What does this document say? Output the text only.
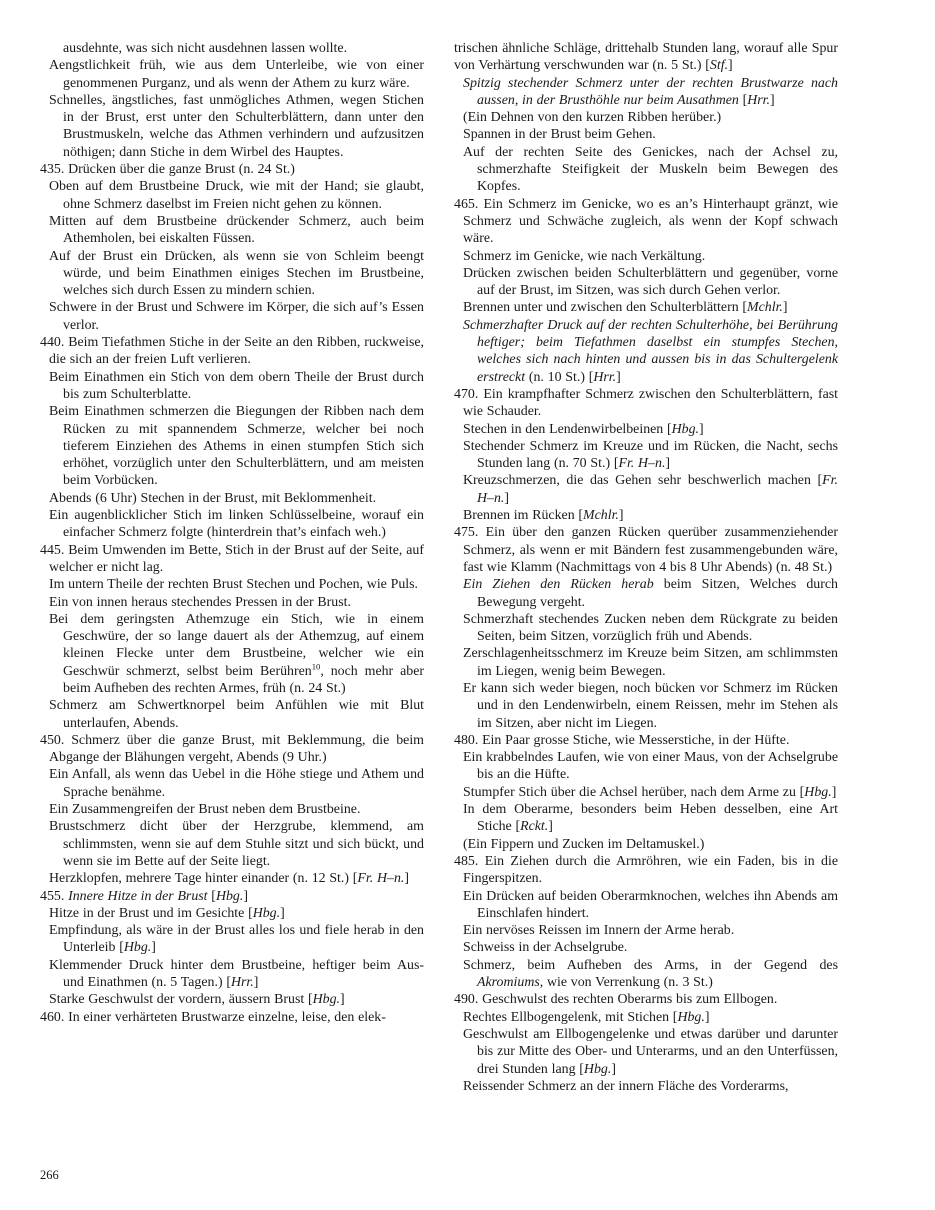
ausdehnte, was sich nicht ausdehnen lassen wollte.

Aengstlichkeit früh, wie aus dem Unterleibe, wie von einer genommenen Purganz, und als wenn der Athem zu kurz wäre.

Schnelles, ängstliches, fast unmögliches Athmen, wegen Stichen in der Brust, erst unter den Schulterblättern, dann unter den Brustmuskeln, welche das Athmen verhindern und aufzusitzen nöthigen; dann Stiche in dem Wirbel des Hauptes.

435. Drücken über die ganze Brust (n. 24 St.)

Oben auf dem Brustbeine Druck, wie mit der Hand; sie glaubt, ohne Schmerz daselbst im Freien nicht gehen zu können.

Mitten auf dem Brustbeine drückender Schmerz, auch beim Athemholen, bei eiskalten Füssen.

Auf der Brust ein Drücken, als wenn sie von Schleim beengt würde, und beim Einathmen einiges Stechen im Brustbeine, welches sich durch Essen zu mindern schien.

Schwere in der Brust und Schwere im Körper, die sich auf’s Essen verlor.

440. Beim Tiefathmen Stiche in der Seite an den Ribben, ruckweise, die sich an der freien Luft verlieren.

Beim Einathmen ein Stich von dem obern Theile der Brust durch bis zum Schulterblatte.

Beim Einathmen schmerzen die Biegungen der Ribben nach dem Rücken zu mit spannendem Schmerze, welcher bei noch tieferem Einziehen des Athems in einen stumpfen Stich sich erhöhet, vorzüglich unter den Schulterblättern, und am meisten beim Vorbücken.

Abends (6 Uhr) Stechen in der Brust, mit Beklommenheit.

Ein augenblicklicher Stich im linken Schlüsselbeine, worauf ein einfacher Schmerz folgte (hinterdrein that’s einfach weh.)

445. Beim Umwenden im Bette, Stich in der Brust auf der Seite, auf welcher er nicht lag.

Im untern Theile der rechten Brust Stechen und Pochen, wie Puls.

Ein von innen heraus stechendes Pressen in der Brust.

Bei dem geringsten Athemzuge ein Stich, wie in einem Geschwüre, der so lange dauert als der Athemzug, auf einem kleinen Flecke unter dem Brustbeine, welcher wie ein Geschwür schmerzt, selbst beim Berühren$^{10}$, noch mehr aber beim Aufheben des rechten Armes, früh (n. 24 St.)

Schmerz am Schwertknorpel beim Anfühlen wie mit Blut unterlaufen, Abends.

450. Schmerz über die ganze Brust, mit Beklemmung, die beim Abgange der Blähungen vergeht, Abends (9 Uhr.)

Ein Anfall, als wenn das Uebel in die Höhe stiege und Athem und Sprache benähme.

Ein Zusammengreifen der Brust neben dem Brustbeine.

Brustschmerz dicht über der Herzgrube, klemmend, am schlimmsten, wenn sie auf dem Stuhle sitzt und sich bückt, und wenn sie im Bette auf der Seite liegt.

Herzklopfen, mehrere Tage hinter einander (n. 12 St.) [Fr. H–n.]

455. Innere Hitze in der Brust [Hbg.]

Hitze in der Brust und im Gesichte [Hbg.]

Empfindung, als wäre in der Brust alles los und fiele herab in den Unterleib [Hbg.]

Klemmender Druck hinter dem Brustbeine, heftiger beim Aus- und Einathmen (n. 5 Tagen.) [Hrr.]

Starke Geschwulst der vordern, äussern Brust [Hbg.]

460. In einer verhärteten Brustwarze einzelne, leise, den elek-

trischen ähnliche Schläge, drittehalb Stunden lang, worauf alle Spur von Verhärtung verschwunden war (n. 5 St.) [Stf.]

Spitzig stechender Schmerz unter der rechten Brustwarze nach aussen, in der Brusthöhle nur beim Ausathmen [Hrr.]

(Ein Dehnen von den kurzen Ribben herüber.)

Spannen in der Brust beim Gehen.

Auf der rechten Seite des Genickes, nach der Achsel zu, schmerzhafte Steifigkeit der Muskeln beim Bewegen des Kopfes.

465. Ein Schmerz im Genicke, wo es an’s Hinterhaupt gränzt, wie Schmerz und Schwäche zugleich, als wenn der Kopf schwach wäre.

Schmerz im Genicke, wie nach Verkältung.

Drücken zwischen beiden Schulterblättern und gegenüber, vorne auf der Brust, im Sitzen, was sich durch Gehen verlor.

Brennen unter und zwischen den Schulterblättern [Mchlr.]

Schmerzhafter Druck auf der rechten Schulterhöhe, bei Berührung heftiger; beim Tiefathmen daselbst ein stumpfes Stechen, welches sich nach hinten und aussen bis in das Schultergelenk erstreckt (n. 10 St.) [Hrr.]

470. Ein krampfhafter Schmerz zwischen den Schulterblättern, fast wie Schauder.

Stechen in den Lendenwirbelbeinen [Hbg.]

Stechender Schmerz im Kreuze und im Rücken, die Nacht, sechs Stunden lang (n. 70 St.) [Fr. H–n.]

Kreuzschmerzen, die das Gehen sehr beschwerlich machen [Fr. H–n.]

Brennen im Rücken [Mchlr.]

475. Ein über den ganzen Rücken querüber zusammenziehender Schmerz, als wenn er mit Bändern fest zusammengebunden wäre, fast wie Klamm (Nachmittags von 4 bis 8 Uhr Abends) (n. 48 St.)

Ein Ziehen den Rücken herab beim Sitzen, Welches durch Bewegung vergeht.

Schmerzhaft stechendes Zucken neben dem Rückgrate zu beiden Seiten, beim Sitzen, vorzüglich früh und Abends.

Zerschlagenheitsschmerz im Kreuze beim Sitzen, am schlimmsten im Liegen, wenig beim Bewegen.

Er kann sich weder biegen, noch bücken vor Schmerz im Rücken und in den Lendenwirbeln, einem Reissen, mehr im Stehen als im Sitzen, aber nicht im Liegen.

480. Ein Paar grosse Stiche, wie Messerstiche, in der Hüfte.

Ein krabbelndes Laufen, wie von einer Maus, von der Achselgrube bis an die Hüfte.

Stumpfer Stich über die Achsel herüber, nach dem Arme zu [Hbg.]

In dem Oberarme, besonders beim Heben desselben, eine Art Stiche [Rckt.]

(Ein Fippern und Zucken im Deltamuskel.)

485. Ein Ziehen durch die Armröhren, wie ein Faden, bis in die Fingerspitzen.

Ein Drücken auf beiden Oberarmknochen, welches ihn Abends am Einschlafen hindert.

Ein nervöses Reissen im Innern der Arme herab.

Schweiss in der Achselgrube.

Schmerz, beim Aufheben des Arms, in der Gegend des Akromiums, wie von Verrenkung (n. 3 St.)

490. Geschwulst des rechten Oberarms bis zum Ellbogen.

Rechtes Ellbogengelenk, mit Stichen [Hbg.]

Geschwulst am Ellbogengelenke und etwas darüber und darunter bis zur Mitte des Ober- und Unterarms, und an den Unterfüssen, drei Stunden lang [Hbg.]

Reissender Schmerz an der innern Fläche des Vorderarms,

266
